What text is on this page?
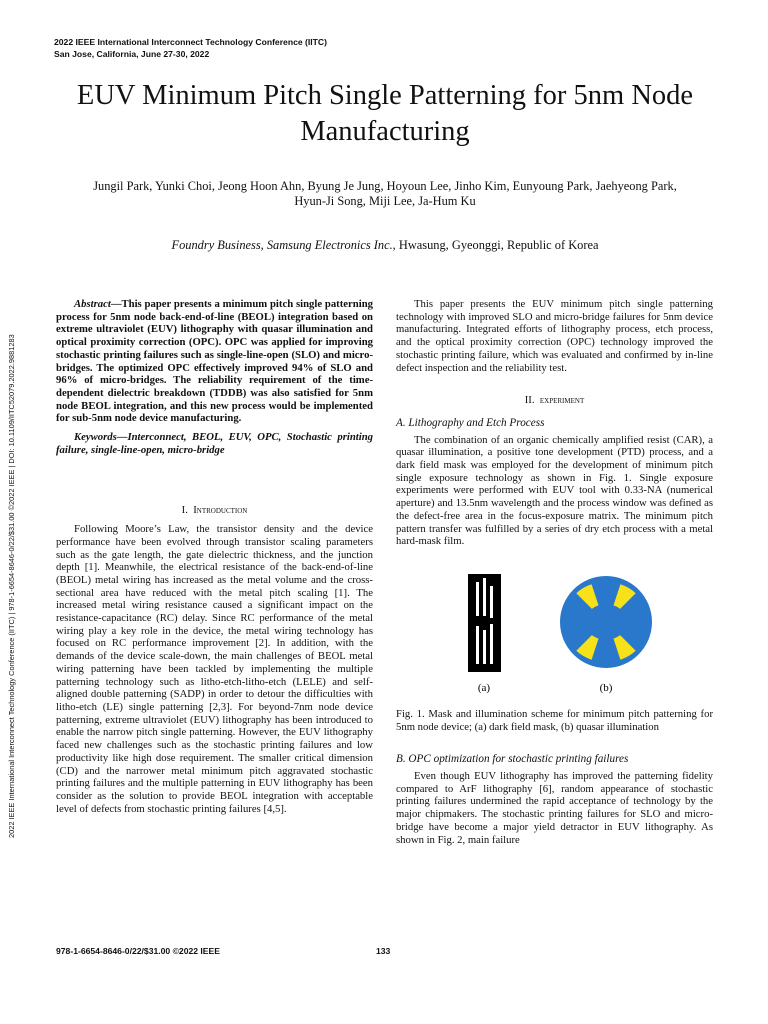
2022 IEEE International Interconnect Technology Conference (IITC)
San Jose, California, June 27-30, 2022
EUV Minimum Pitch Single Patterning for 5nm Node Manufacturing
Jungil Park, Yunki Choi, Jeong Hoon Ahn, Byung Je Jung, Hoyoun Lee, Jinho Kim, Eunyoung Park, Jaehyeong Park,
Hyun-Ji Song, Miji Lee, Ja-Hum Ku
Foundry Business, Samsung Electronics Inc., Hwasung, Gyeonggi, Republic of Korea
2022 IEEE International Interconnect Technology Conference (IITC) | 978-1-6654-8646-0/22/$31.00 ©2022 IEEE | DOI: 10.1109/IITC52079.2022.9881283

Abstract—This paper presents a minimum pitch single patterning process for 5nm node back-end-of-line (BEOL) integration based on extreme ultraviolet (EUV) lithography with quasar illumination and optical proximity correction (OPC). OPC was applied for improving stochastic printing failures such as single-line-open (SLO) and micro-bridges. The optimized OPC effectively improved 94% of SLO and 96% of micro-bridges. The reliability requirement of the time-dependent dielectric breakdown (TDDB) was also satisfied for 5nm node BEOL integration, and this new process would be implemented for sub-5nm node device manufacturing.

Keywords—Interconnect, BEOL, EUV, OPC, Stochastic printing failure, single-line-open, micro-bridge

I. Introduction

Following Moore’s Law, the transistor density and the device performance have been evolved through transistor scaling parameters such as the gate length, the gate dielectric thickness, and the junction depth [1]. Meanwhile, the electrical resistance of the back-end-of-line (BEOL) metal wiring has increased as the metal volume and the cross-sectional area have reduced with the metal pitch scaling [1]. The increased metal wiring resistance caused a significant impact on the resistance-capacitance (RC) delay. Since RC performance of the metal wiring play a key role in the device, the metal wiring technology has focused on RC performance improvement [2]. In addition, with the demands of the device scale-down, the main challenges of BEOL metal wiring patterning have been tackled by implementing the multiple patterning technology such as litho-etch-litho-etch (LELE) and self-aligned double patterning (SADP) in order to detour the difficulties with litho-etch (LE) single patterning [2,3]. For beyond-7nm node device patterning, extreme ultraviolet (EUV) lithography has been introduced to enable the narrow pitch single patterning. However, the EUV lithography faced new challenges such as the stochastic printing failures and low productivity like high dose requirement. The smaller critical dimension (CD) and the narrower metal minimum pitch aggravated stochastic printing failures and the multiple patterning in EUV lithography has been consider as the solution to provide BEOL integration with acceptable level of defects from stochastic printing failures [4,5].

This paper presents the EUV minimum pitch single patterning technology with improved SLO and micro-bridge failures for 5nm device manufacturing. Integrated efforts of lithography process, etch process, and the optical proximity correction (OPC) technology improved the stochastic printing failure, which was evaluated and confirmed by in-line defect inspection and the reliability test.

II. experiment

A. Lithography and Etch Process

The combination of an organic chemically amplified resist (CAR), a quasar illumination, a positive tone development (PTD) process, and a dark field mask was employed for the development of minimum pitch single exposure technology as shown in Fig. 1. Single exposure experiments were performed with EUV tool with 0.33-NA (numerical aperture) and 13.5nm wavelength and the process window was defined as the defect-free area in the focus-exposure matrix. The minimum pitch pattern transfer was fulfilled by a series of dry etch process with a metal hard-mask film.

(a)	(b)

Fig. 1. Mask and illumination scheme for minimum pitch patterning for 5nm node device; (a) dark field mask, (b) quasar illumination

B. OPC optimization for stochastic printing failures

Even though EUV lithography has improved the patterning fidelity compared to ArF lithography [6], random appearance of stochastic printing failures undermined the rapid acceptance of technology by the major chipmakers. The stochastic printing failures for SLO and micro-bridge have become a major yield detractor in EUV lithography. As shown in Fig. 2, main failure

978-1-6654-8646-0/22/$31.00 ©2022 IEEE	133
